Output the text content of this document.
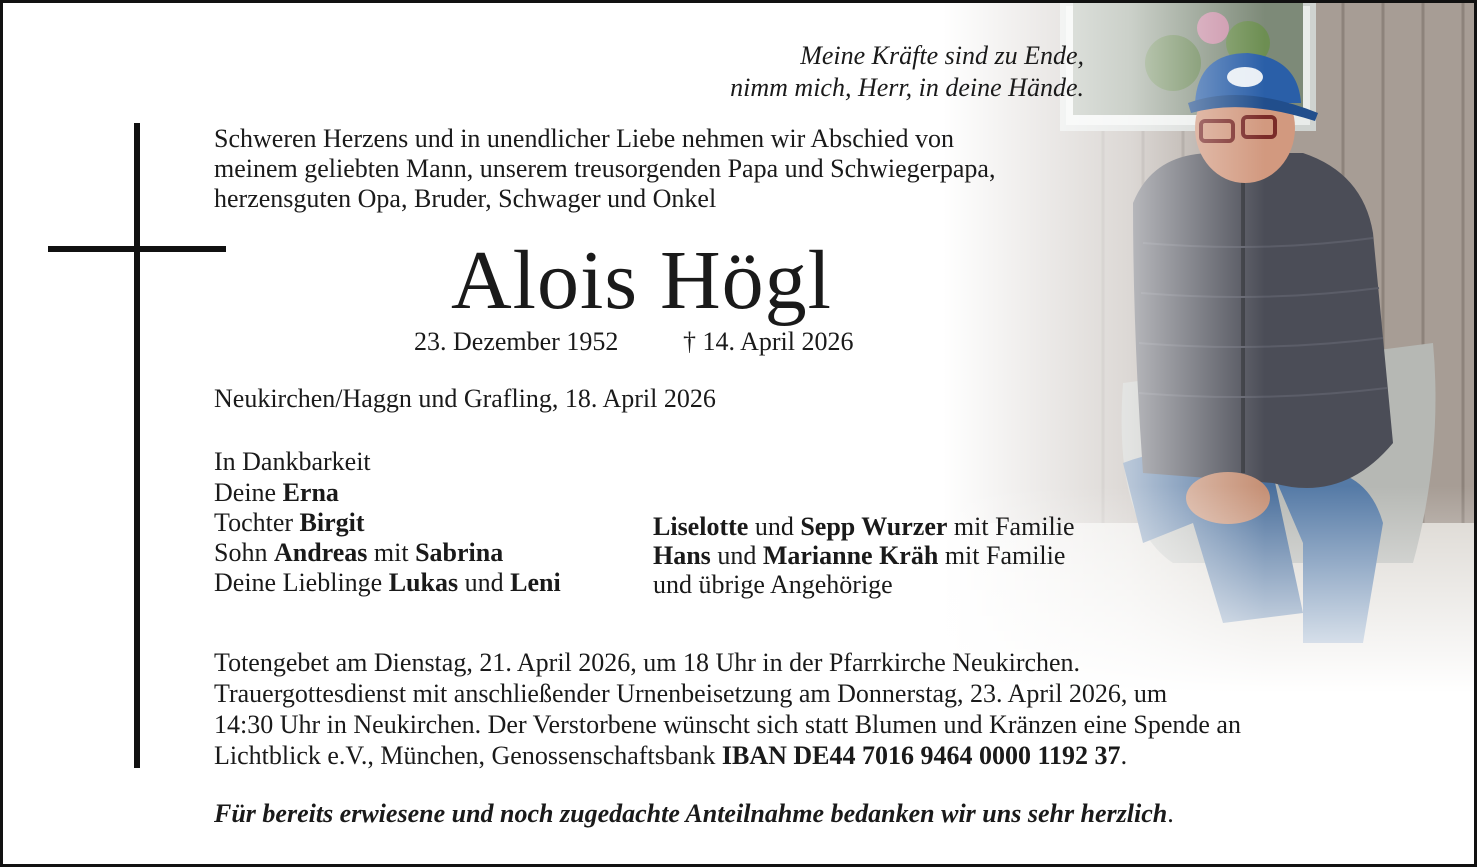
Meine Kräfte sind zu Ende,
nimm mich, Herr, in deine Hände.
Schweren Herzens und in unendlicher Liebe nehmen wir Abschied von
meinem geliebten Mann, unserem treusorgenden Papa und Schwiegerpapa,
herzensguten Opa, Bruder, Schwager und Onkel
Alois Högl
23. Dezember 1952 † 14. April 2026
Neukirchen/Haggn und Grafling, 18. April 2026
In Dankbarkeit
Deine Erna
Tochter Birgit
Sohn Andreas mit Sabrina
Deine Lieblinge Lukas und Leni
Liselotte und Sepp Wurzer mit Familie
Hans und Marianne Kräh mit Familie
und übrige Angehörige
Totengebet am Dienstag, 21. April 2026, um 18 Uhr in der Pfarrkirche Neukirchen.
Trauergottesdienst mit anschließender Urnenbeisetzung am Donnerstag, 23. April 2026, um
14:30 Uhr in Neukirchen. Der Verstorbene wünscht sich statt Blumen und Kränzen eine Spende an
Lichtblick e.V., München, Genossenschaftsbank IBAN DE44 7016 9464 0000 1192 37.
Für bereits erwiesene und noch zugedachte Anteilnahme bedanken wir uns sehr herzlich.
